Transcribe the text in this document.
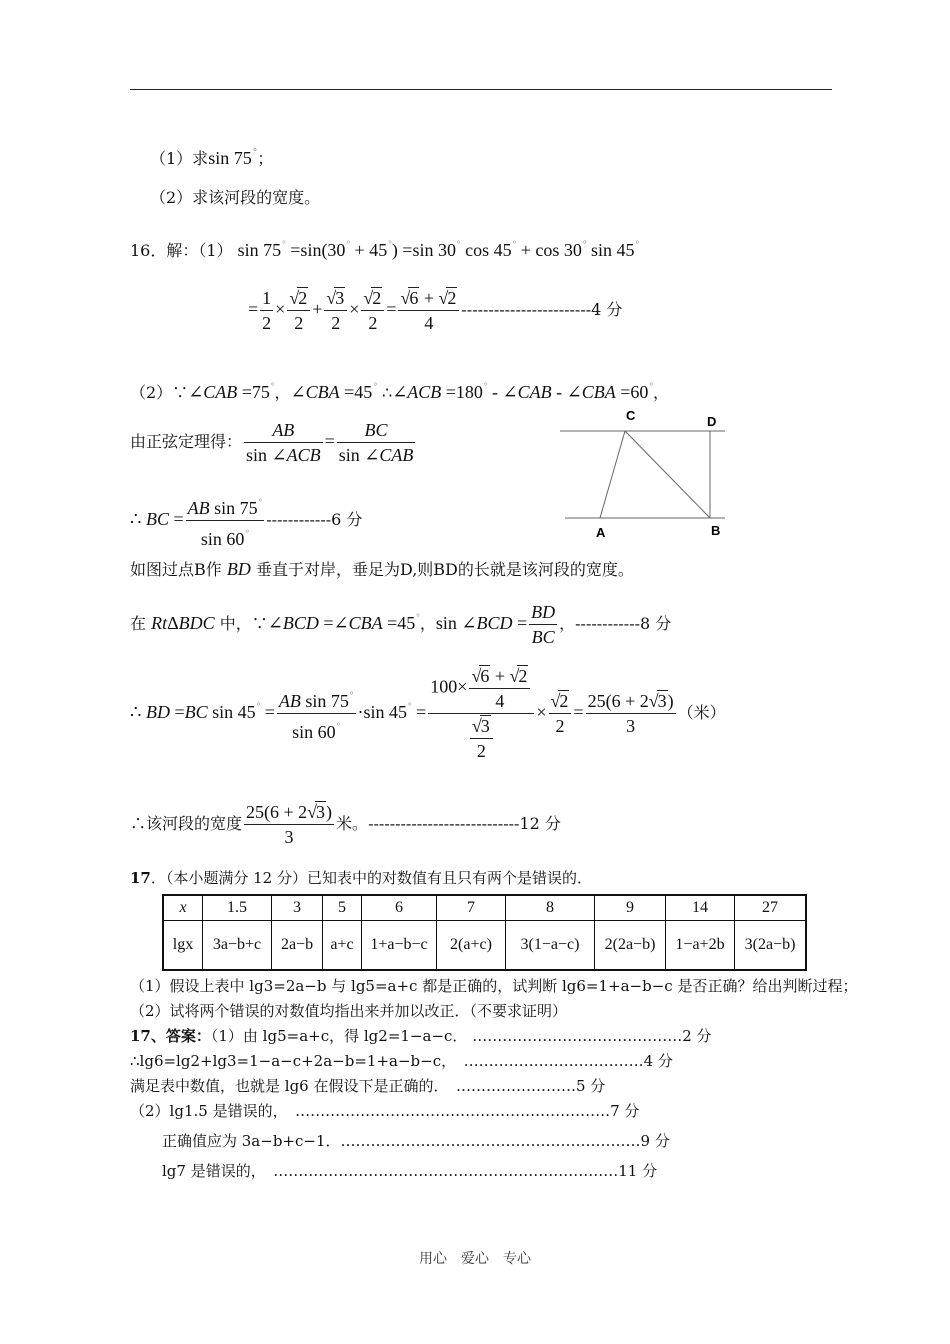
（1）求sin 75°；
（2）求该河段的宽度。
16．解：（1） sin 75° =sin(30° + 45°) =sin 30° cos 45° + cos 30° sin 45°
= $\frac{1}{2} \times \frac{√2}{2} + \frac{√3}{2} \times \frac{√2}{2} = \frac{√6 + √2}{4} ------------------------4$ 分
（2）∵∠CAB =75°，∠CBA =45° ∴∠ACB =180° - ∠CAB - ∠CBA =60°，
由正弦定理得： $\frac{AB}{\text{sin ∠ACB}} = \frac{BC}{\text{sin ∠CAB}}$
∴ BC = $\frac{AB \sin 75^\circ}{\sin 60^\circ} ------------6$ 分
C	D
A	B
如图过点B作 BD 垂直于对岸，垂足为D,则BD的长就是该河段的宽度。
在 RtΔBDC 中，∵∠BCD =∠CBA =45°，sin ∠BCD = $\frac{BD}{BC}$ ，------------8 分
∴ BD =BC $\sin 45^\circ = \frac{AB \sin 75^\circ}{\sin 60^\circ} \cdot\sin$ $45^\circ = \frac{100\times \frac{√6 + √2}{4}}{\frac{√3}{2}} \times \frac{√2}{2} = \frac{25(6 + 2√3)}{3}$ （米）
∴该河段的宽度 $\frac{25(6 + 2√3)}{3}$ 米。----------------------------12 分
17．（本小题满分 12 分）已知表中的对数值有且只有两个是错误的．
x	1.5	3	5	6	7	8	9	14	27
lgx	3a−b+c	2a−b	a+c	1+a−b−c	2(a+c)	3(1−a−c)	2(2a−b)	1−a+2b	3(2a−b)
（1）假设上表中 lg3=2a−b 与 lg5=a+c 都是正确的，试判断 lg6=1+a−b−c 是否正确？给出判断过程；
（2）试将两个错误的对数值均指出来并加以改正．（不要求证明）
17、答案：（1）由 lg5=a+c，得 lg2=1−a−c． ……………………………………2 分
∴lg6=lg2+lg3=1−a−c+2a−b=1+a−b−c，　 ………………………………4 分
满足表中数值，也就是 lg6 在假设下是正确的．　 ……………………5 分
（2）lg1.5 是错误的，　 ………………………………………………………7 分
正确值应为 3a−b+c−1．……………………………………………………9 分
lg7 是错误的，　 ……………………………………………………………11 分
用心　爱心　专心
